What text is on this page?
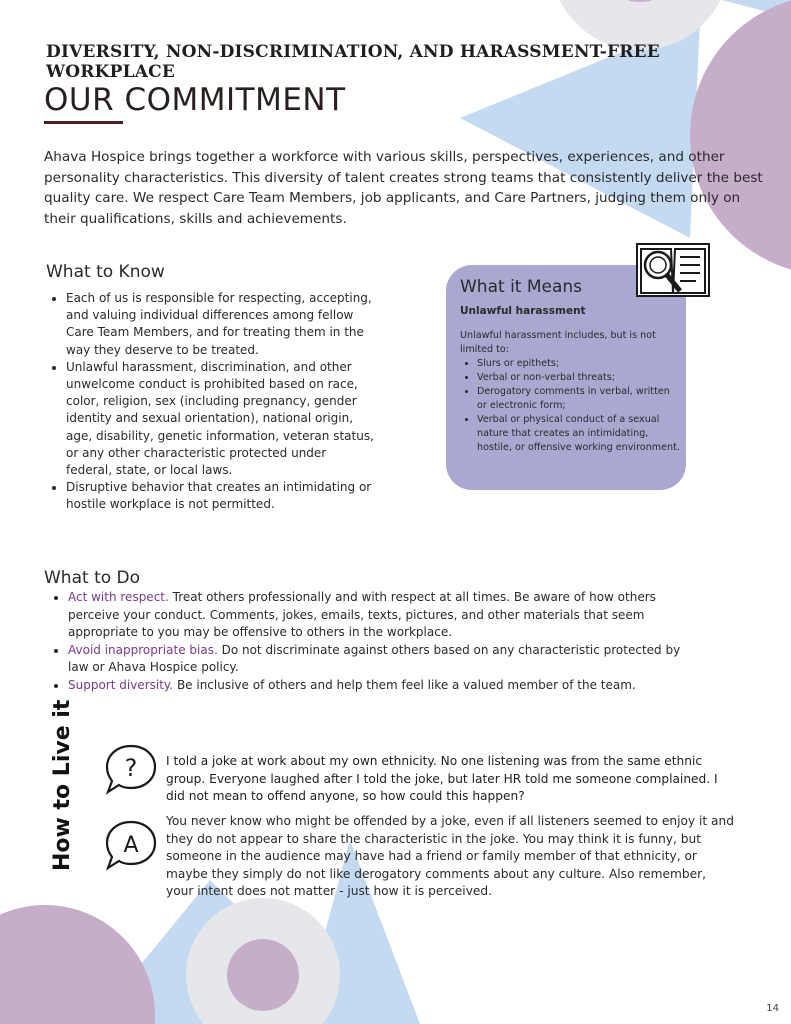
DIVERSITY, NON-DISCRIMINATION, AND HARASSMENT-FREE WORKPLACE
OUR COMMITMENT
Ahava Hospice brings together a workforce with various skills, perspectives, experiences, and other personality characteristics. This diversity of talent creates strong teams that consistently deliver the best quality care. We respect Care Team Members, job applicants, and Care Partners, judging them only on their qualifications, skills and achievements.
What to Know
• Each of us is responsible for respecting, accepting, and valuing individual differences among fellow Care Team Members, and for treating them in the way they deserve to be treated.
• Unlawful harassment, discrimination, and other unwelcome conduct is prohibited based on race, color, religion, sex (including pregnancy, gender identity and sexual orientation), national origin, age, disability, genetic information, veteran status, or any other characteristic protected under federal, state, or local laws.
• Disruptive behavior that creates an intimidating or hostile workplace is not permitted.
What it Means
Unlawful harassment
Unlawful harassment includes, but is not limited to:
• Slurs or epithets;
• Verbal or non-verbal threats;
• Derogatory comments in verbal, written or electronic form;
• Verbal or physical conduct of a sexual nature that creates an intimidating, hostile, or offensive working environment.
What to Do
• Act with respect. Treat others professionally and with respect at all times. Be aware of how others perceive your conduct. Comments, jokes, emails, texts, pictures, and other materials that seem appropriate to you may be offensive to others in the workplace.
• Avoid inappropriate bias. Do not discriminate against others based on any characteristic protected by law or Ahava Hospice policy.
• Support diversity. Be inclusive of others and help them feel like a valued member of the team.
How to Live it ? I told a joke at work about my own ethnicity. No one listening was from the same ethnic group. Everyone laughed after I told the joke, but later HR told me someone complained. I did not mean to offend anyone, so how could this happen?
A
You never know who might be offended by a joke, even if all listeners seemed to enjoy it and they do not appear to share the characteristic in the joke. You may think it is funny, but someone in the audience may have had a friend or family member of that ethnicity, or maybe they simply do not like derogatory comments about any culture. Also remember, your intent does not matter - just how it is perceived.
14
